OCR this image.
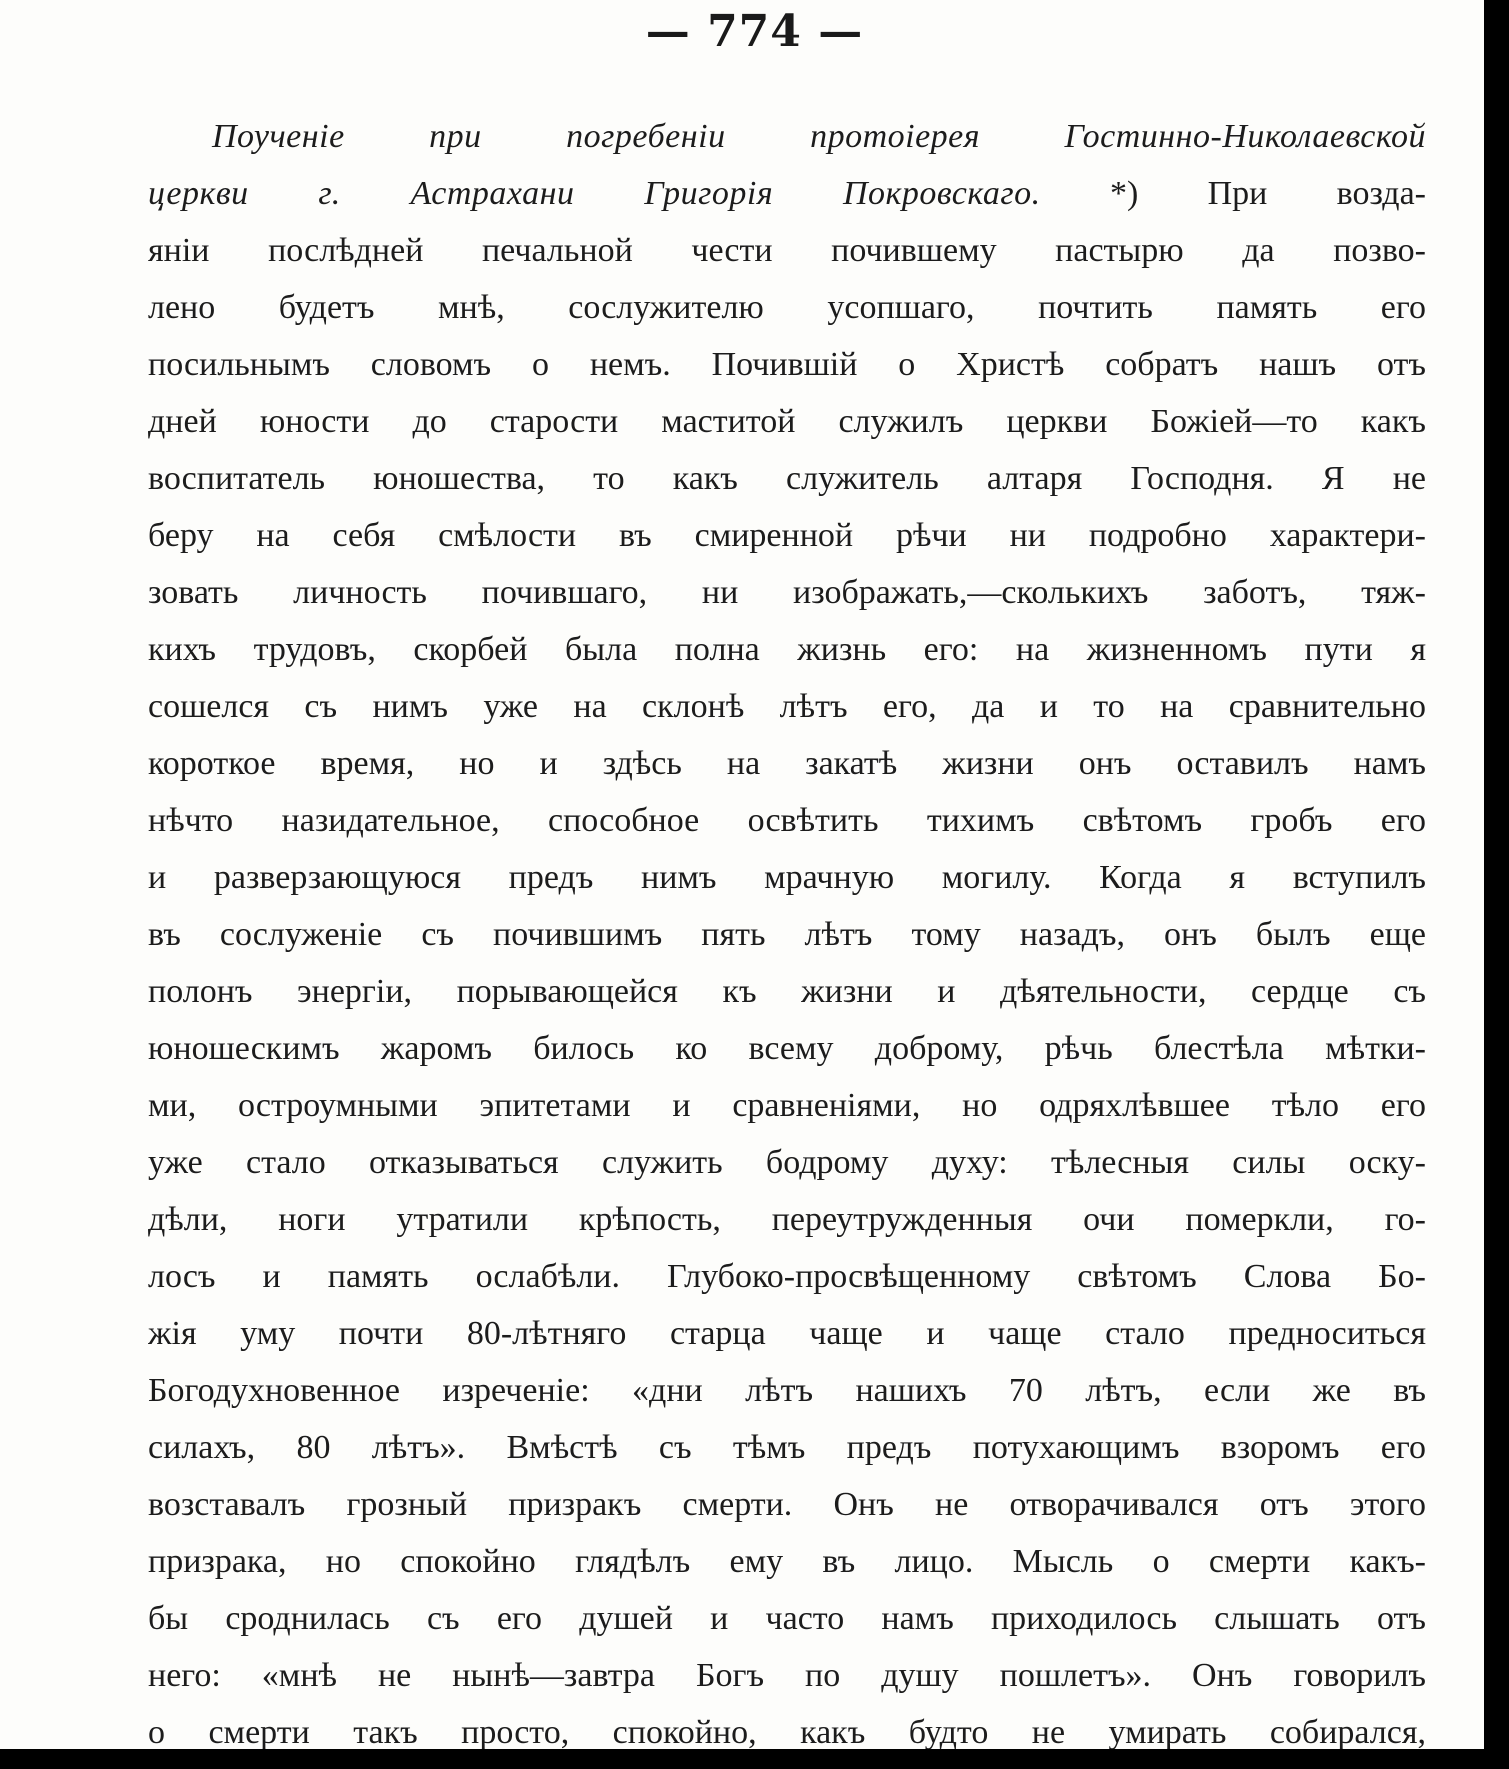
— 774 —
Поученіе при погребеніи протоіерея Гостинно-Николаевской
церкви г. Астрахани Григорія Покровскаго. *) При возда-
яніи послѣдней печальной чести почившему пастырю да позво-
лено будетъ мнѣ, сослужителю усопшаго, почтить память его
посильнымъ словомъ о немъ. Почившій о Христѣ собратъ нашъ отъ
дней юности до старости маститой служилъ церкви Божіей—то какъ
воспитатель юношества, то какъ служитель алтаря Господня. Я не
беру на себя смѣлости въ смиренной рѣчи ни подробно характери-
зовать личность почившаго, ни изображать,—сколькихъ заботъ, тяж-
кихъ трудовъ, скорбей была полна жизнь его: на жизненномъ пути я
сошелся съ нимъ уже на склонѣ лѣтъ его, да и то на сравнительно
короткое время, но и здѣсь на закатѣ жизни онъ оставилъ намъ
нѣчто назидательное, способное освѣтить тихимъ свѣтомъ гробъ его
и разверзающуюся предъ нимъ мрачную могилу. Когда я вступилъ
въ сослуженіе съ почившимъ пять лѣтъ тому назадъ, онъ былъ еще
полонъ энергіи, порывающейся къ жизни и дѣятельности, сердце съ
юношескимъ жаромъ билось ко всему доброму, рѣчь блестѣла мѣтки-
ми, остроумными эпитетами и сравненіями, но одряхлѣвшее тѣло его
уже стало отказываться служить бодрому духу: тѣлесныя силы оску-
дѣли, ноги утратили крѣпость, переутружденныя очи померкли, го-
лосъ и память ослабѣли. Глубоко-просвѣщенному свѣтомъ Слова Бо-
жія уму почти 80-лѣтняго старца чаще и чаще стало предноситься
Богодухновенное изреченіе: «дни лѣтъ нашихъ 70 лѣтъ, если же въ
силахъ, 80 лѣтъ». Вмѣстѣ съ тѣмъ предъ потухающимъ взоромъ его
возставалъ грозный призракъ смерти. Онъ не отворачивался отъ этого
призрака, но спокойно глядѣлъ ему въ лицо. Мысль о смерти какъ-
бы сроднилась съ его душей и часто намъ приходилось слышать отъ
него: «мнѣ не нынѣ—завтра Богъ по душу пошлетъ». Онъ говорилъ
о смерти такъ просто, спокойно, какъ будто не умирать собирался,
